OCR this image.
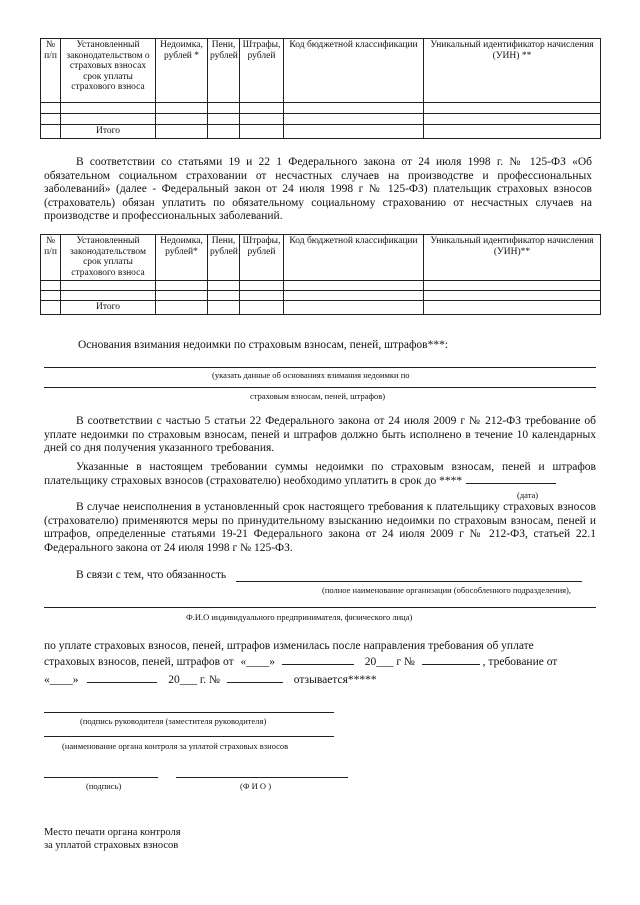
№ п/п	Установленный законодательством о страховых взносах срок уплаты страхового взноса	Недоимка, рублей *	Пени, рублей	Штрафы, рублей	Код бюджетной классификации	Уникальный идентификатор начисления (УИН) **

	Итого					
В соответствии со статьями 19 и 22 1 Федерального закона от 24 июля 1998 г. № 125-ФЗ «Об обязательном социальном страховании от несчастных случаев на производстве и профессиональных заболеваний» (далее - Федеральный закон от 24 июля 1998 г № 125-ФЗ) плательщик страховых взносов (страхователь) обязан уплатить по обязательному социальному страхованию от несчастных случаев на производстве и профессиональных заболеваний.
№ п/п	Установленный законодательством срок уплаты страхового взноса	Недоимка, рублей*	Пени, рублей	Штрафы, рублей	Код бюджетной классификации	Уникальный идентификатор начисления (УИН)**

	Итого					
Основания взимания недоимки по страховым взносам, пеней, штрафов***:
(указать данные об основаниях взимания недоимки по
страховым взносам, пеней, штрафов)
В соответствии с частью 5 статьи 22 Федерального закона от 24 июля 2009 г № 212-ФЗ требование об уплате недоимки по страховым взносам, пеней и штрафов должно быть исполнено в течение 10 календарных дней со дня получения указанного требования.
Указанные в настоящем требовании суммы недоимки по страховым взносам, пеней и штрафов плательщику страховых взносов (страхователю) необходимо уплатить в срок до ****
(дата)
В случае неисполнения в установленный срок настоящего требования к плательщику страховых взносов (страхователю) применяются меры по принудительному взысканию недоимки по страховым взносам, пеней и штрафов, определенные статьями 19-21 Федерального закона от 24 июля 2009 г № 212-ФЗ, статьей 22.1 Федерального закона от 24 июля 1998 г № 125-ФЗ.
В связи с тем, что обязанность
(полное наименование организации (обособленного подразделения),
Ф.И.О индивидуального предпринимателя, физического лица)
по уплате страховых взносов, пеней, штрафов изменилась после направления требования об уплате
страховых взносов, пеней, штрафов от «____»	20___ г №	, требование от
«____»	20___ г. №	отзывается*****
(подпись руководителя (заместителя руководителя)
(наименование органа контроля за уплатой страховых взносов
(подпись)	(Ф И О )
Место печати органа контроля
за уплатой страховых взносов
